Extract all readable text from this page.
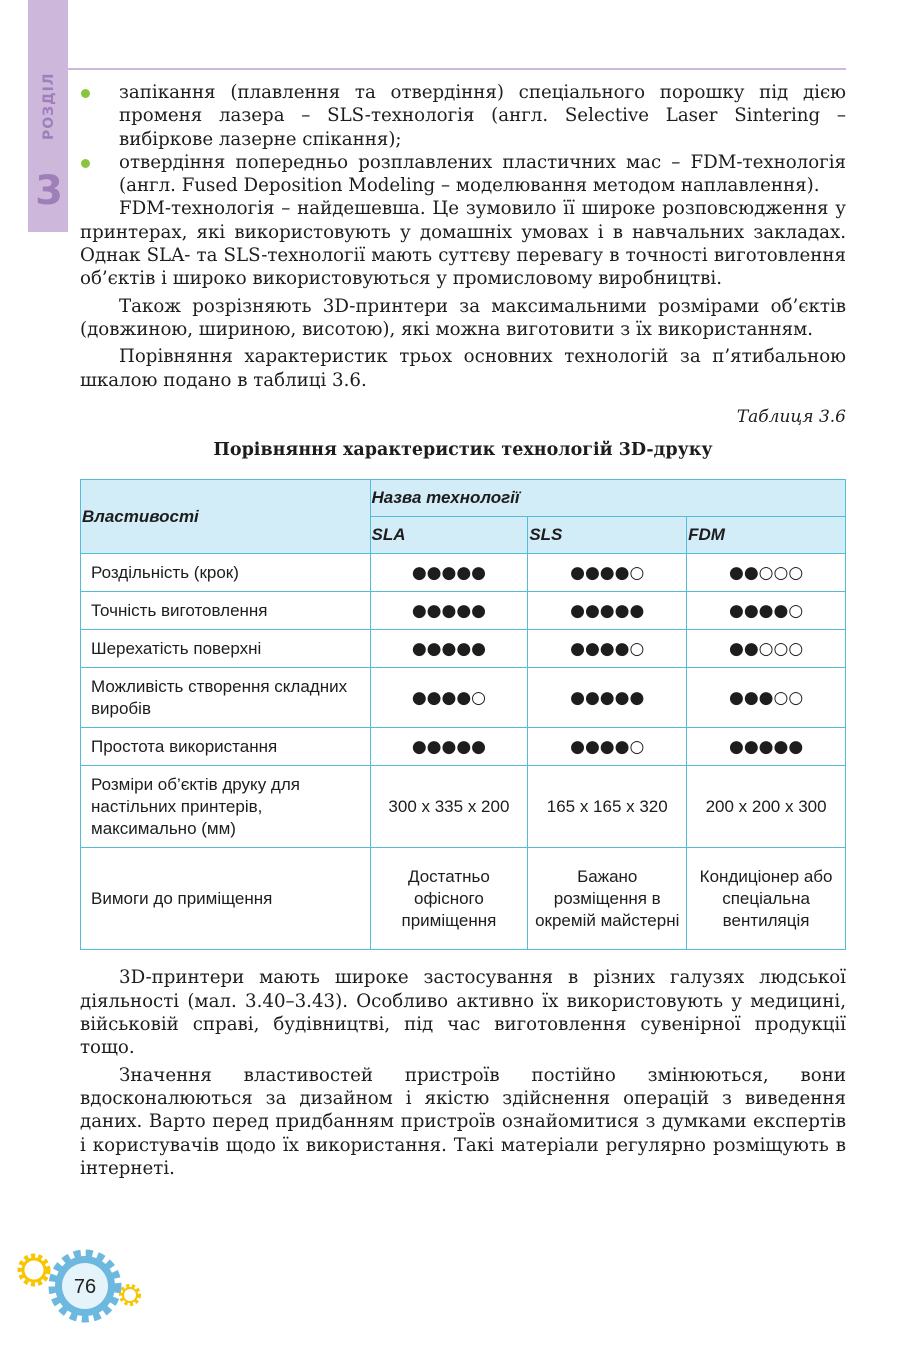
РОЗДІЛ
3

запікання (плавлення та отвердіння) спеціального порошку під дією променя лазера – SLS-технологія (англ. Selective Laser Sintering – вибіркове лазерне спікання);

отвердіння попередньо розплавлених пластичних мас – FDM-технологія (англ. Fused Deposition Modeling – моделювання методом наплавлення).

FDM-технологія – найдешевша. Це зумовило її широке розповсюдження у принтерах, які використовують у домашніх умовах і в навчальних закладах. Однак SLA- та SLS-технології мають суттєву перевагу в точності виготовлення об’єктів і широко використовуються у промисловому виробництві.

Також розрізняють 3D-принтери за максимальними розмірами об’єктів (довжиною, шириною, висотою), які можна виготовити з їх використанням.

Порівняння характеристик трьох основних технологій за п’ятибальною шкалою подано в таблиці 3.6.

Таблиця 3.6

Порівняння характеристик технологій 3D-друку

Властивості	Назва технології		
	SLA	SLS	FDM
Роздільність (крок)	●●●●●	●●●●○	●●○○○
Точність виготовлення	●●●●●	●●●●●	●●●●○
Шерехатість поверхні	●●●●●	●●●●○	●●○○○
Можливість створення складних виробів	●●●●○	●●●●●	●●●○○
Простота використання	●●●●●	●●●●○	●●●●●
Розміри об’єктів друку для настільних принтерів, максимально (мм)	300 x 335 x 200	165 x 165 x 320	200 x 200 x 300
Вимоги до приміщення	Достатньо офісного приміщення	Бажано розміщення в окремій майстерні	Кондиціонер або спеціальна вентиляція

3D-принтери мають широке застосування в різних галузях людської діяльності (мал. 3.40–3.43). Особливо активно їх використовують у медицині, військовій справі, будівництві, під час виготовлення сувенірної продукції тощо.

Значення властивостей пристроїв постійно змінюються, вони вдосконалюються за дизайном і якістю здійснення операцій з виведення даних. Варто перед придбанням пристроїв ознайомитися з думками експертів і користувачів щодо їх використання. Такі матеріали регулярно розміщують в інтернеті.

76
